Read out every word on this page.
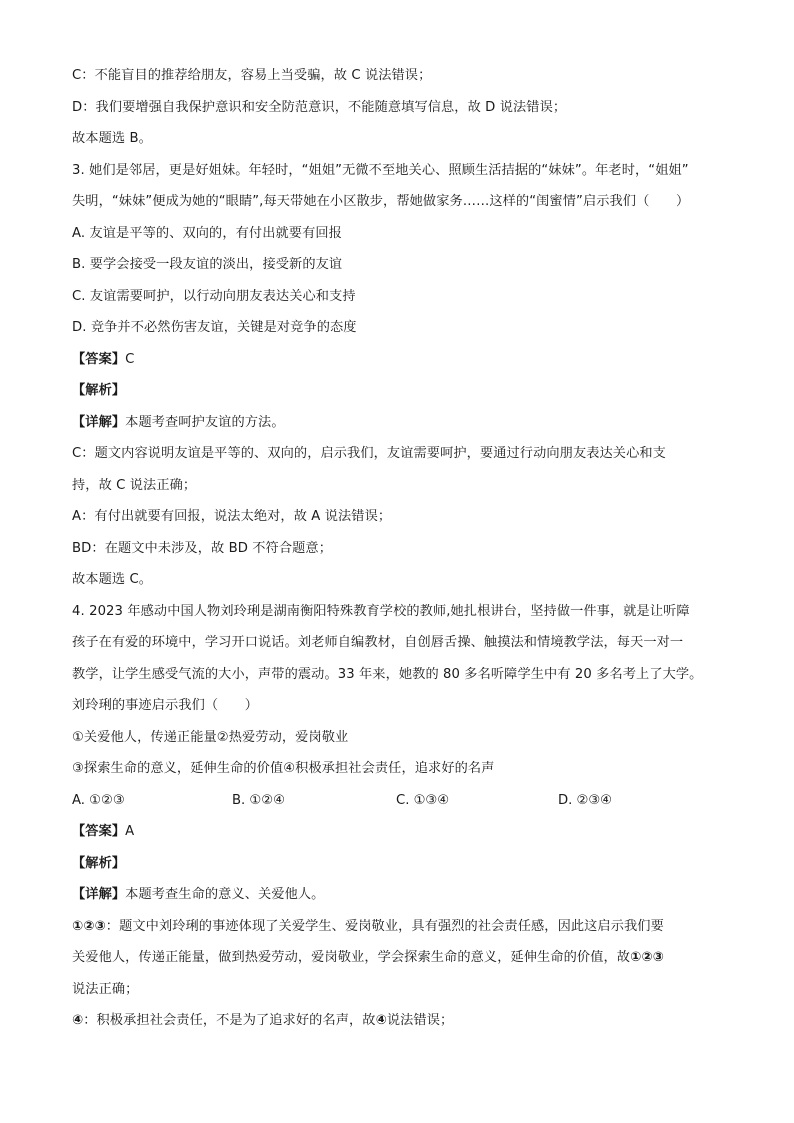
C：不能盲目的推荐给朋友，容易上当受骗，故 C 说法错误；
D：我们要增强自我保护意识和安全防范意识，不能随意填写信息，故 D 说法错误；
故本题选 B。
3. 她们是邻居，更是好姐妹。年轻时，“姐姐”无微不至地关心、照顾生活拮据的“妹妹”。年老时，“姐姐”
失明，“妹妹”便成为她的“眼睛”,每天带她在小区散步，帮她做家务……这样的“闺蜜情”启示我们（　　）
A. 友谊是平等的、双向的，有付出就要有回报
B. 要学会接受一段友谊的淡出，接受新的友谊
C. 友谊需要呵护，以行动向朋友表达关心和支持
D. 竞争并不必然伤害友谊，关键是对竞争的态度
【答案】C
【解析】
【详解】本题考查呵护友谊的方法。
C：题文内容说明友谊是平等的、双向的，启示我们，友谊需要呵护，要通过行动向朋友表达关心和支
持，故 C 说法正确；
A：有付出就要有回报，说法太绝对，故 A 说法错误；
BD：在题文中未涉及，故 BD 不符合题意；
故本题选 C。
4. 2023 年感动中国人物刘玲琍是湖南衡阳特殊教育学校的教师,她扎根讲台，坚持做一件事，就是让听障
孩子在有爱的环境中，学习开口说话。刘老师自编教材，自创唇舌操、触摸法和情境教学法，每天一对一
教学，让学生感受气流的大小，声带的震动。33 年来，她教的 80 多名听障学生中有 20 多名考上了大学。
刘玲琍的事迹启示我们（　　）
①关爱他人，传递正能量②热爱劳动，爱岗敬业
③探索生命的意义，延伸生命的价值④积极承担社会责任，追求好的名声
A. ①②③	B. ①②④	C. ①③④	D. ②③④
【答案】A
【解析】
【详解】本题考查生命的意义、关爱他人。
①②③：题文中刘玲琍的事迹体现了关爱学生、爱岗敬业，具有强烈的社会责任感，因此这启示我们要
关爱他人，传递正能量，做到热爱劳动，爱岗敬业，学会探索生命的意义，延伸生命的价值，故①②③
说法正确；
④：积极承担社会责任，不是为了追求好的名声，故④说法错误；
